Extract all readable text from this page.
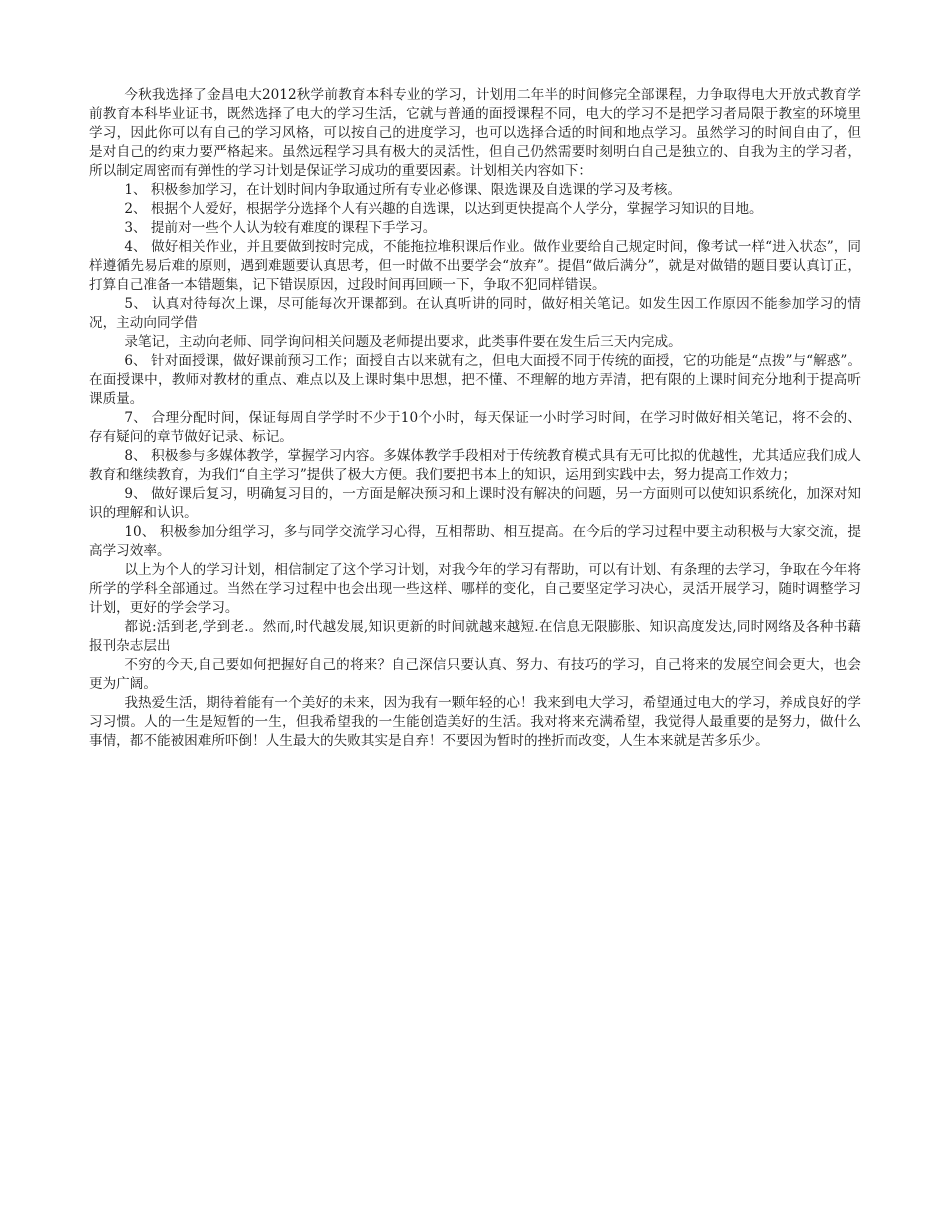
今秋我选择了金昌电大2012秋学前教育本科专业的学习，计划用二年半的时间修完全部课程，力争取得电大开放式教育学前教育本科毕业证书，既然选择了电大的学习生活，它就与普通的面授课程不同，电大的学习不是把学习者局限于教室的环境里学习，因此你可以有自己的学习风格，可以按自己的进度学习，也可以选择合适的时间和地点学习。虽然学习的时间自由了，但是对自己的约束力要严格起来。虽然远程学习具有极大的灵活性，但自己仍然需要时刻明白自己是独立的、自我为主的学习者，所以制定周密而有弹性的学习计划是保证学习成功的重要因素。计划相关内容如下：

1、 积极参加学习，在计划时间内争取通过所有专业必修课、限选课及自选课的学习及考核。

2、 根据个人爱好，根据学分选择个人有兴趣的自选课，以达到更快提高个人学分，掌握学习知识的目地。

3、 提前对一些个人认为较有难度的课程下手学习。

4、 做好相关作业，并且要做到按时完成，不能拖拉堆积课后作业。做作业要给自己规定时间，像考试一样“进入状态”，同样遵循先易后难的原则，遇到难题要认真思考，但一时做不出要学会“放弃”。提倡“做后满分”，就是对做错的题目要认真订正，打算自己准备一本错题集，记下错误原因，过段时间再回顾一下，争取不犯同样错误。

5、 认真对待每次上课，尽可能每次开课都到。在认真听讲的同时，做好相关笔记。如发生因工作原因不能参加学习的情况，主动向同学借

录笔记，主动向老师、同学询问相关问题及老师提出要求，此类事件要在发生后三天内完成。

6、 针对面授课，做好课前预习工作；面授自古以来就有之，但电大面授不同于传统的面授，它的功能是“点拨”与“解惑”。在面授课中，教师对教材的重点、难点以及上课时集中思想，把不懂、不理解的地方弄清，把有限的上课时间充分地利于提高听课质量。

7、 合理分配时间，保证每周自学学时不少于10个小时，每天保证一小时学习时间，在学习时做好相关笔记，将不会的、存有疑问的章节做好记录、标记。

8、 积极参与多媒体教学，掌握学习内容。多媒体教学手段相对于传统教育模式具有无可比拟的优越性，尤其适应我们成人教育和继续教育，为我们“自主学习”提供了极大方便。我们要把书本上的知识，运用到实践中去，努力提高工作效力；

9、 做好课后复习，明确复习目的，一方面是解决预习和上课时没有解决的问题，另一方面则可以使知识系统化，加深对知识的理解和认识。

10、 积极参加分组学习，多与同学交流学习心得，互相帮助、相互提高。在今后的学习过程中要主动积极与大家交流，提高学习效率。

以上为个人的学习计划，相信制定了这个学习计划，对我今年的学习有帮助，可以有计划、有条理的去学习，争取在今年将所学的学科全部通过。当然在学习过程中也会出现一些这样、哪样的变化，自己要坚定学习决心，灵活开展学习，随时调整学习计划，更好的学会学习。

都说:活到老,学到老.。然而,时代越发展,知识更新的时间就越来越短.在信息无限膨胀、知识高度发达,同时网络及各种书藉报刊杂志层出

不穷的今天,自己要如何把握好自己的将来？自己深信只要认真、努力、有技巧的学习，自己将来的发展空间会更大，也会更为广阔。

我热爱生活，期待着能有一个美好的未来，因为我有一颗年轻的心！我来到电大学习，希望通过电大的学习，养成良好的学习习惯。人的一生是短暂的一生，但我希望我的一生能创造美好的生活。我对将来充满希望，我觉得人最重要的是努力，做什么事情，都不能被困难所吓倒！人生最大的失败其实是自弃！不要因为暂时的挫折而改变，人生本来就是苦多乐少。
